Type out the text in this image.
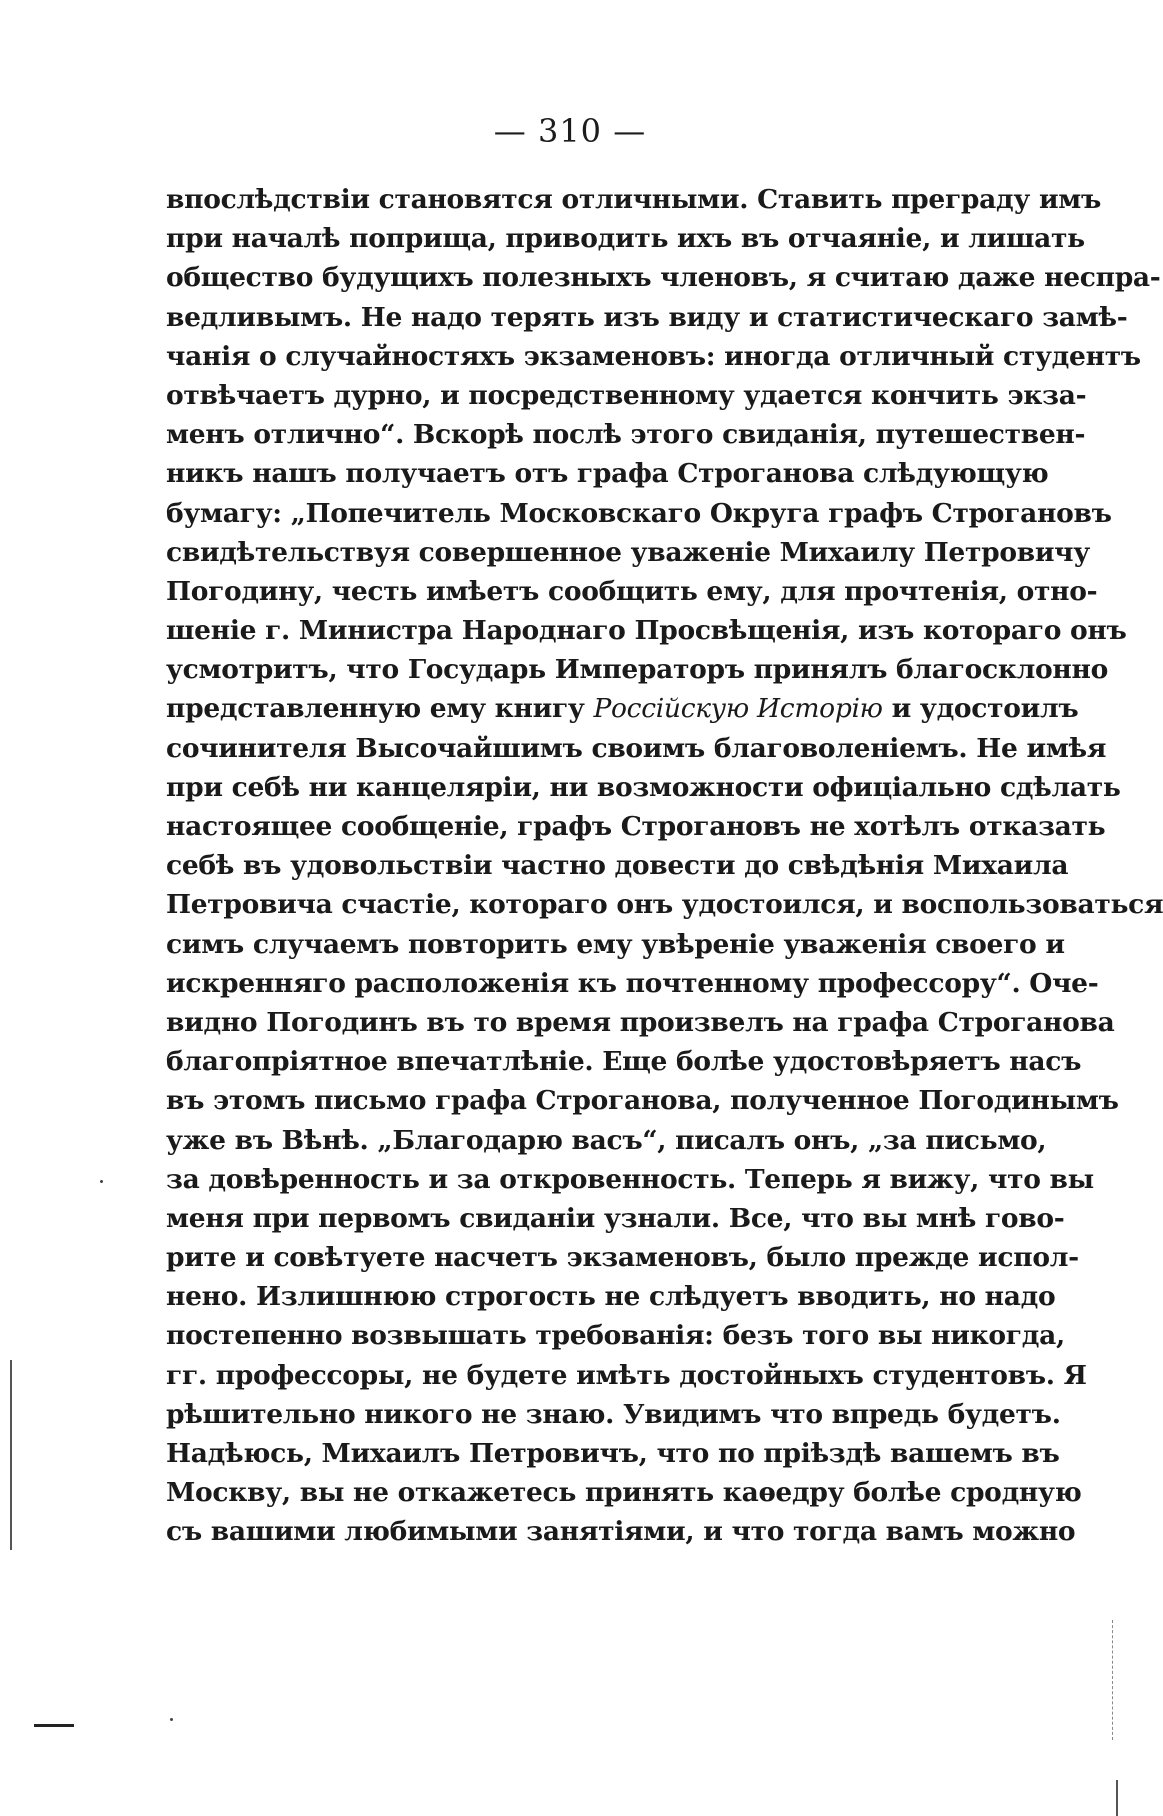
— 310 —
впослѣдствіи становятся отличными. Ставить преграду имъ
при началѣ поприща, приводить ихъ въ отчаяніе, и лишать
общество будущихъ полезныхъ членовъ, я считаю даже неспра-
ведливымъ. Не надо терять изъ виду и статистическаго замѣ-
чанія о случайностяхъ экзаменовъ: иногда отличный студентъ
отвѣчаетъ дурно, и посредственному удается кончить экза-
менъ отлично“. Вскорѣ послѣ этого свиданія, путешествен-
никъ нашъ получаетъ отъ графа Строганова слѣдующую
бумагу: „Попечитель Московскаго Округа графъ Строгановъ
свидѣтельствуя совершенное уваженіе Михаилу Петровичу
Погодину, честь имѣетъ сообщить ему, для прочтенія, отно-
шеніе г. Министра Народнаго Просвѣщенія, изъ котораго онъ
усмотритъ, что Государь Императоръ принялъ благосклонно
представленную ему книгу Россійскую Исторію и удостоилъ
сочинителя Высочайшимъ своимъ благоволеніемъ. Не имѣя
при себѣ ни канцеляріи, ни возможности офиціально сдѣлать
настоящее сообщеніе, графъ Строгановъ не хотѣлъ отказать
себѣ въ удовольствіи частно довести до свѣдѣнія Михаила
Петровича счастіе, котораго онъ удостоился, и воспользоваться
симъ случаемъ повторить ему увѣреніе уваженія своего и
искренняго расположенія къ почтенному профессору“. Оче-
видно Погодинъ въ то время произвелъ на графа Строганова
благопріятное впечатлѣніе. Еще болѣе удостовѣряетъ насъ
въ этомъ письмо графа Строганова, полученное Погодинымъ
уже въ Вѣнѣ. „Благодарю васъ“, писалъ онъ, „за письмо,
за довѣренность и за откровенность. Теперь я вижу, что вы
меня при первомъ свиданіи узнали. Все, что вы мнѣ гово-
рите и совѣтуете насчетъ экзаменовъ, было прежде испол-
нено. Излишнюю строгость не слѣдуетъ вводить, но надо
постепенно возвышать требованія: безъ того вы никогда,
гг. профессоры, не будете имѣть достойныхъ студентовъ. Я
рѣшительно никого не знаю. Увидимъ что впредь будетъ.
Надѣюсь, Михаилъ Петровичъ, что по пріѣздѣ вашемъ въ
Москву, вы не откажетесь принять каѳедру болѣе сродную
съ вашими любимыми занятіями, и что тогда вамъ можно
